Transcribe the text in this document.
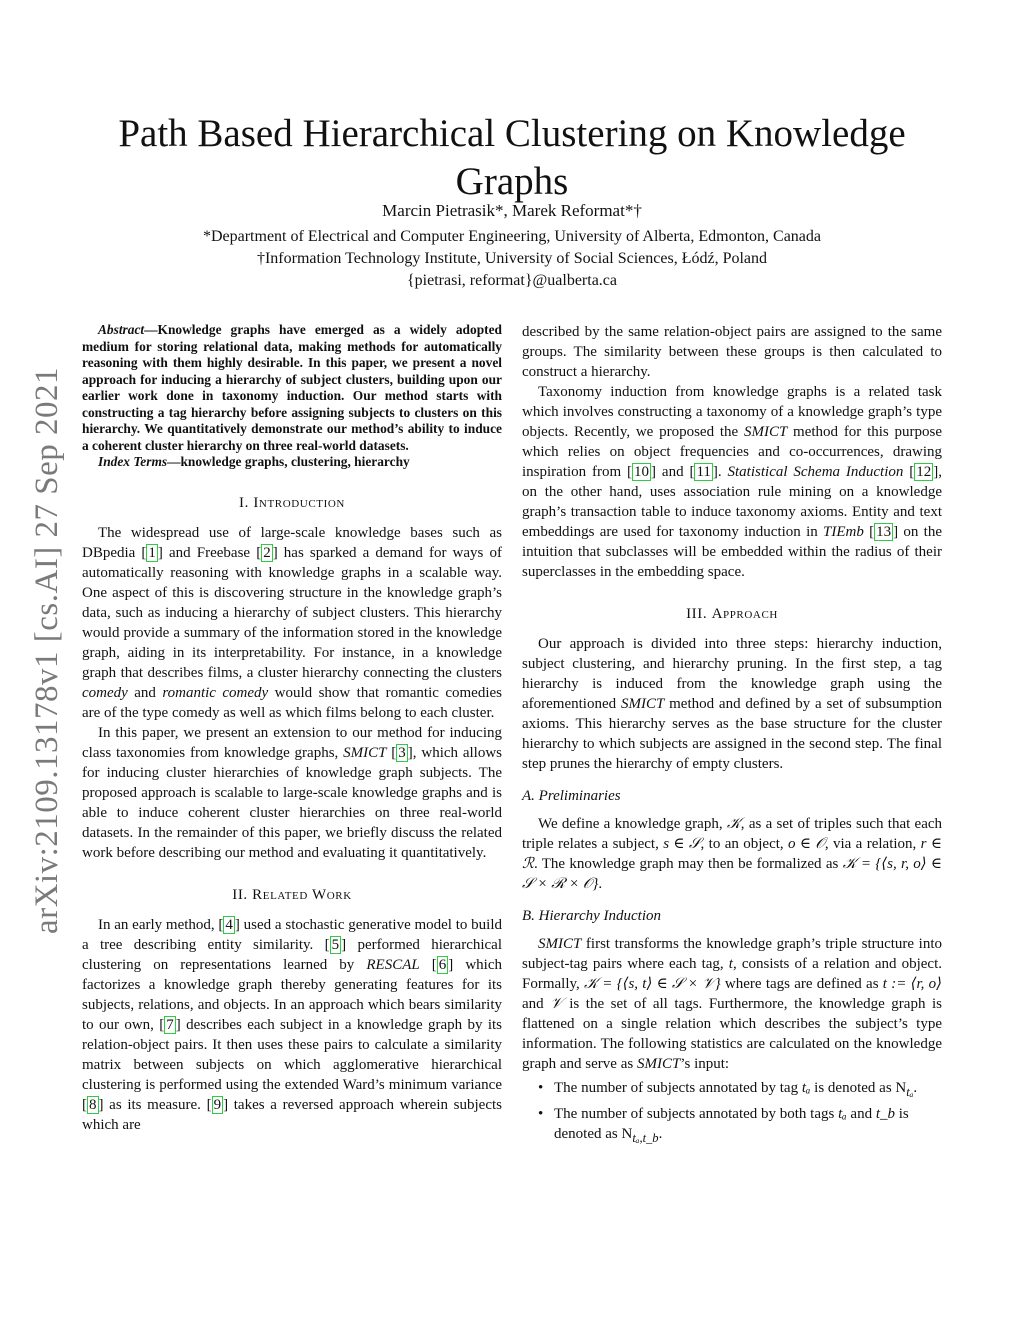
arXiv:2109.13178v1 [cs.AI] 27 Sep 2021
Path Based Hierarchical Clustering on Knowledge Graphs
Marcin Pietrasik*, Marek Reformat*†
*Department of Electrical and Computer Engineering, University of Alberta, Edmonton, Canada
†Information Technology Institute, University of Social Sciences, Łódź, Poland
{pietrasi, reformat}@ualberta.ca

Abstract—Knowledge graphs have emerged as a widely adopted medium for storing relational data, making methods for automatically reasoning with them highly desirable. In this paper, we present a novel approach for inducing a hierarchy of subject clusters, building upon our earlier work done in taxonomy induction. Our method starts with constructing a tag hierarchy before assigning subjects to clusters on this hierarchy. We quantitatively demonstrate our method’s ability to induce a coherent cluster hierarchy on three real-world datasets.

Index Terms—knowledge graphs, clustering, hierarchy

I. Introduction

The widespread use of large-scale knowledge bases such as DBpedia [ 1 ] and Freebase [ 2 ] has sparked a demand for ways of automatically reasoning with knowledge graphs in a scalable way. One aspect of this is discovering structure in the knowledge graph’s data, such as inducing a hierarchy of subject clusters. This hierarchy would provide a summary of the information stored in the knowledge graph, aiding in its interpretability. For instance, in a knowledge graph that describes films, a cluster hierarchy connecting the clusters comedy and romantic comedy would show that romantic comedies are of the type comedy as well as which films belong to each cluster.

In this paper, we present an extension to our method for inducing class taxonomies from knowledge graphs, SMICT [ 3 ], which allows for inducing cluster hierarchies of knowledge graph subjects. The proposed approach is scalable to large-scale knowledge graphs and is able to induce coherent cluster hierarchies on three real-world datasets. In the remainder of this paper, we briefly discuss the related work before describing our method and evaluating it quantitatively.

II. Related Work

In an early method, [ 4 ] used a stochastic generative model to build a tree describing entity similarity. [ 5 ] performed hierarchical clustering on representations learned by RESCAL [ 6 ] which factorizes a knowledge graph thereby generating features for its subjects, relations, and objects. In an approach which bears similarity to our own, [ 7 ] describes each subject in a knowledge graph by its relation-object pairs. It then uses these pairs to calculate a similarity matrix between subjects on which agglomerative hierarchical clustering is performed using the extended Ward’s minimum variance [ 8 ] as its measure. [ 9 ] takes a reversed approach wherein subjects which are

described by the same relation-object pairs are assigned to the same groups. The similarity between these groups is then calculated to construct a hierarchy.

Taxonomy induction from knowledge graphs is a related task which involves constructing a taxonomy of a knowledge graph’s type objects. Recently, we proposed the SMICT method for this purpose which relies on object frequencies and co-occurrences, drawing inspiration from [ 10 ] and [ 11 ]. Statistical Schema Induction [ 12 ], on the other hand, uses association rule mining on a knowledge graph’s transaction table to induce taxonomy axioms. Entity and text embeddings are used for taxonomy induction in TIEmb [ 13 ] on the intuition that subclasses will be embedded within the radius of their superclasses in the embedding space.

III. Approach

Our approach is divided into three steps: hierarchy induction, subject clustering, and hierarchy pruning. In the first step, a tag hierarchy is induced from the knowledge graph using the aforementioned SMICT method and defined by a set of subsumption axioms. This hierarchy serves as the base structure for the cluster hierarchy to which subjects are assigned in the second step. The final step prunes the hierarchy of empty clusters.

A. Preliminaries

We define a knowledge graph, 𝒦, as a set of triples such that each triple relates a subject, s ∈ 𝒮, to an object, o ∈ 𝒪, via a relation, r ∈ ℛ. The knowledge graph may then be formalized as 𝒦 = {⟨s, r, o⟩ ∈ 𝒮 × ℛ × 𝒪}.

B. Hierarchy Induction

SMICT first transforms the knowledge graph’s triple structure into subject-tag pairs where each tag, t, consists of a relation and object. Formally, 𝒦 = {⟨s, t⟩ ∈ 𝒮 × 𝒱} where tags are defined as t := ⟨r, o⟩ and 𝒱 is the set of all tags. Furthermore, the knowledge graph is flattened on a single relation which describes the subject’s type information. The following statistics are calculated on the knowledge graph and serve as SMICT’s input:

• The number of subjects annotated by tag tₐ is denoted as $N_{t_a}$.
• The number of subjects annotated by both tags tₐ and t_b is denoted as $N_{t_a,t\_b}$.
